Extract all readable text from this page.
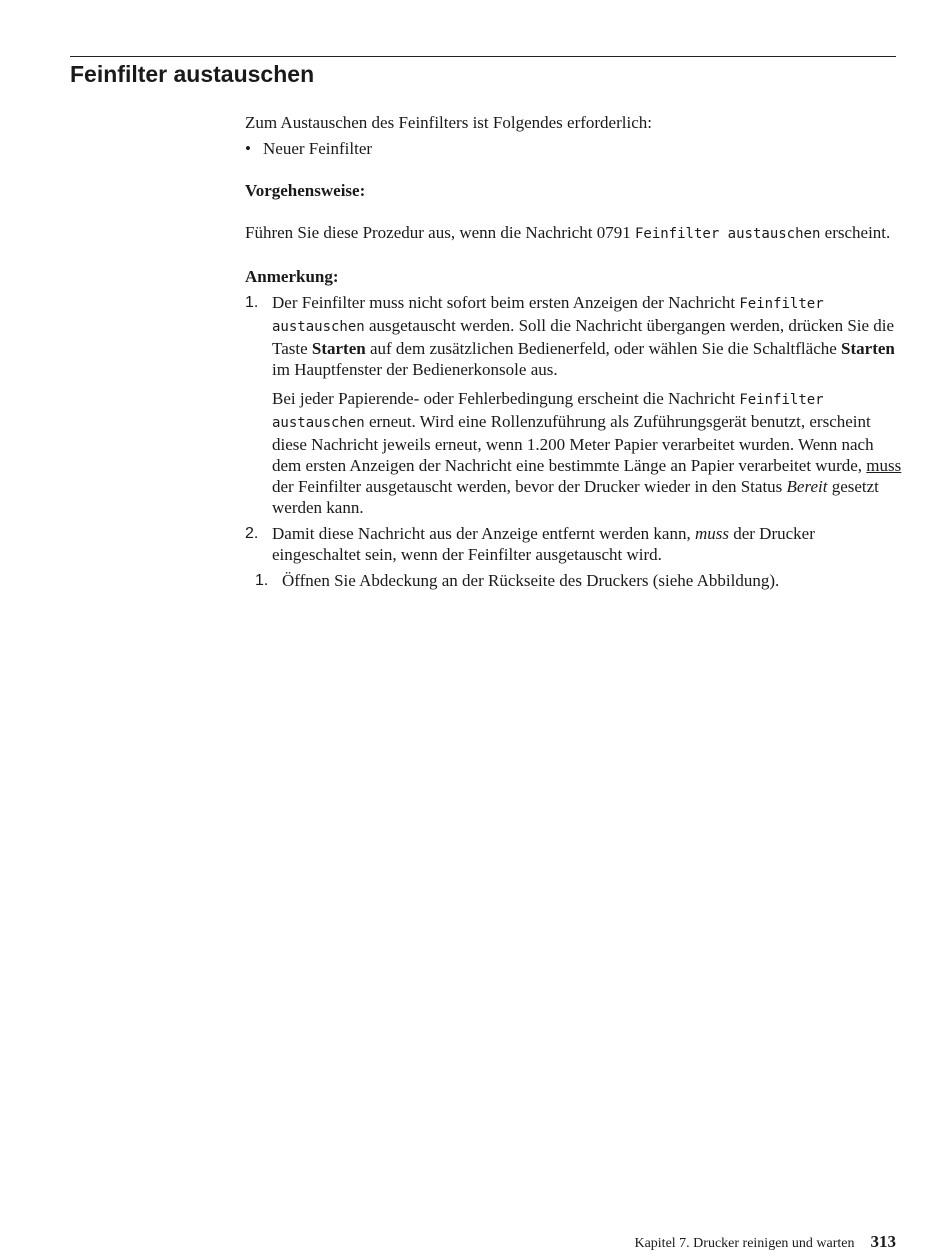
Feinfilter austauschen

Zum Austauschen des Feinfilters ist Folgendes erforderlich:

• Neuer Feinfilter

Vorgehensweise:

Führen Sie diese Prozedur aus, wenn die Nachricht 0791 Feinfilter austauschen erscheint.

Anmerkung:

1. Der Feinfilter muss nicht sofort beim ersten Anzeigen der Nachricht Feinfilter austauschen ausgetauscht werden. Soll die Nachricht übergangen werden, drücken Sie die Taste Starten auf dem zusätzlichen Bedienerfeld, oder wählen Sie die Schaltfläche Starten im Hauptfenster der Bedienerkonsole aus.

Bei jeder Papierende- oder Fehlerbedingung erscheint die Nachricht Feinfilter austauschen erneut. Wird eine Rollenzuführung als Zuführungsgerät benutzt, erscheint diese Nachricht jeweils erneut, wenn 1.200 Meter Papier verarbeitet wurden. Wenn nach dem ersten Anzeigen der Nachricht eine bestimmte Länge an Papier verarbeitet wurde, muss der Feinfilter ausgetauscht werden, bevor der Drucker wieder in den Status Bereit gesetzt werden kann.

2. Damit diese Nachricht aus der Anzeige entfernt werden kann, muss der Drucker eingeschaltet sein, wenn der Feinfilter ausgetauscht wird.

1. Öffnen Sie Abdeckung an der Rückseite des Druckers (siehe Abbildung).
Kapitel 7. Drucker reinigen und warten 313
